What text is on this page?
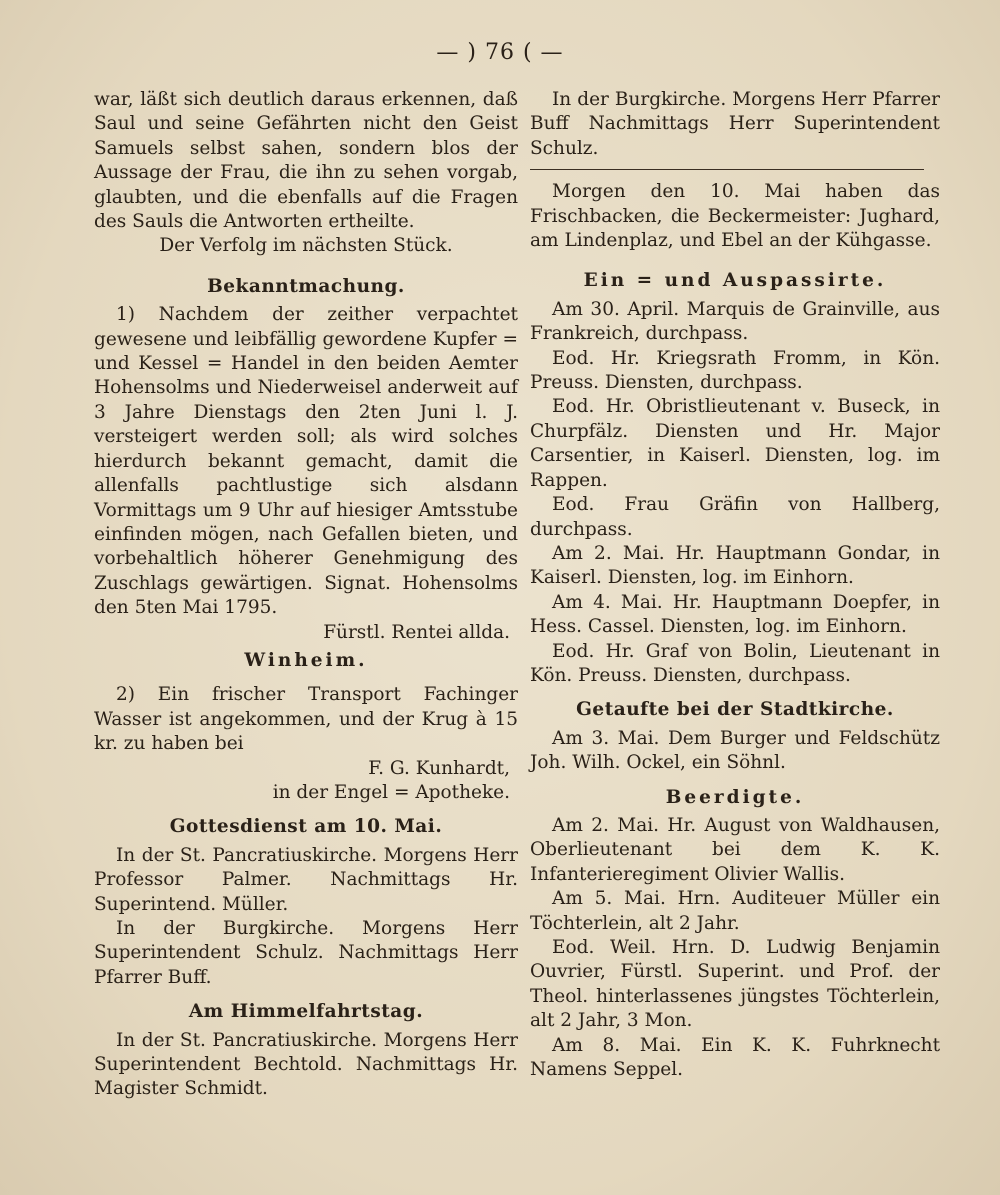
— ) 76 ( —

war, läßt sich deutlich daraus erkennen, daß Saul und seine Gefährten nicht den Geist Samuels selbst sahen, sondern blos der Aussage der Frau, die ihn zu sehen vorgab, glaubten, und die ebenfalls auf die Fragen des Sauls die Antworten ertheilte.

Der Verfolg im nächsten Stück.

Bekanntmachung.

1) Nachdem der zeither verpachtet gewesene und leibfällig gewordene Kupfer = und Kessel = Handel in den beiden Aemter Hohensolms und Niederweisel anderweit auf 3 Jahre Dienstags den 2ten Juni l. J. versteigert werden soll; als wird solches hierdurch bekannt gemacht, damit die allenfalls pachtlustige sich alsdann Vormittags um 9 Uhr auf hiesiger Amtsstube einfinden mögen, nach Gefallen bieten, und vorbehaltlich höherer Genehmigung des Zuschlags gewärtigen. Signat. Hohensolms den 5ten Mai 1795.

Fürstl. Rentei allda.

Winheim.

2) Ein frischer Transport Fachinger Wasser ist angekommen, und der Krug à 15 kr. zu haben bei

F. G. Kunhardt,

in der Engel = Apotheke.

Gottesdienst am 10. Mai.

In der St. Pancratiuskirche. Morgens Herr Professor Palmer. Nachmittags Hr. Superintend. Müller.

In der Burgkirche. Morgens Herr Superintendent Schulz. Nachmittags Herr Pfarrer Buff.

Am Himmelfahrtstag.

In der St. Pancratiuskirche. Morgens Herr Superintendent Bechtold. Nachmittags Hr. Magister Schmidt.

In der Burgkirche. Morgens Herr Pfarrer Buff Nachmittags Herr Superintendent Schulz.

Morgen den 10. Mai haben das Frischbacken, die Beckermeister: Jughard, am Lindenplaz, und Ebel an der Kühgasse.

Ein = und Auspassirte.

Am 30. April. Marquis de Grainville, aus Frankreich, durchpass.

Eod. Hr. Kriegsrath Fromm, in Kön. Preuss. Diensten, durchpass.

Eod. Hr. Obristlieutenant v. Buseck, in Churpfälz. Diensten und Hr. Major Carsentier, in Kaiserl. Diensten, log. im Rappen.

Eod. Frau Gräfin von Hallberg, durchpass.

Am 2. Mai. Hr. Hauptmann Gondar, in Kaiserl. Diensten, log. im Einhorn.

Am 4. Mai. Hr. Hauptmann Doepfer, in Hess. Cassel. Diensten, log. im Einhorn.

Eod. Hr. Graf von Bolin, Lieutenant in Kön. Preuss. Diensten, durchpass.

Getaufte bei der Stadtkirche.

Am 3. Mai. Dem Burger und Feldschütz Joh. Wilh. Ockel, ein Söhnl.

Beerdigte.

Am 2. Mai. Hr. August von Waldhausen, Oberlieutenant bei dem K. K. Infanterieregiment Olivier Wallis.

Am 5. Mai. Hrn. Auditeuer Müller ein Töchterlein, alt 2 Jahr.

Eod. Weil. Hrn. D. Ludwig Benjamin Ouvrier, Fürstl. Superint. und Prof. der Theol. hinterlassenes jüngstes Töchterlein, alt 2 Jahr, 3 Mon.

Am 8. Mai. Ein K. K. Fuhrknecht Namens Seppel.
